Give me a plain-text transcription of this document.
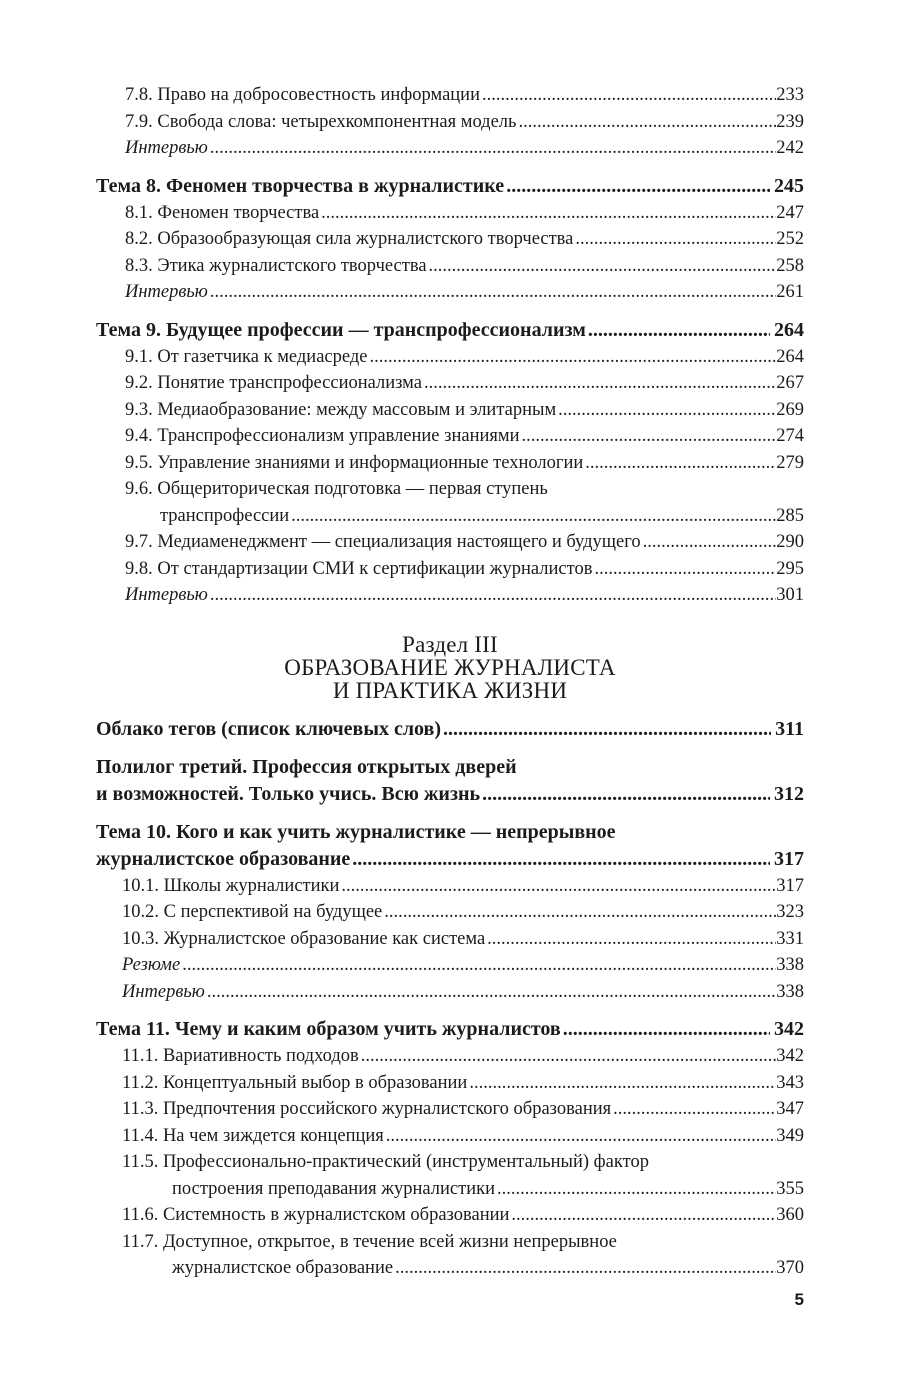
7.8. Право на добросовестность информации .....	233
7.9. Свобода слова: четырехкомпонентная модель .....	239
Интервью .....	242
Тема 8. Феномен творчества в журналистике .....	245
8.1. Феномен творчества .....	247
8.2. Образообразующая сила журналистского творчества .....	252
8.3. Этика журналистского творчества .....	258
Интервью .....	261
Тема 9. Будущее профессии — транспрофессионализм .....	264
9.1. От газетчика к медиасреде .....	264
9.2. Понятие транспрофессионализма .....	267
9.3. Медиаобразование: между массовым и элитарным .....	269
9.4. Транспрофессионализм управление знаниями .....	274
9.5. Управление знаниями и информационные технологии .....	279
9.6. Общериторическая подготовка — первая ступень
транспрофессии .....	285
9.7. Медиаменеджмент — специализация настоящего и будущего .....	290
9.8. От стандартизации СМИ к сертификации журналистов .....	295
Интервью .....	301
Раздел III
ОБРАЗОВАНИЕ ЖУРНАЛИСТА
И ПРАКТИКА ЖИЗНИ
Облако тегов (список ключевых слов) .....	311
Полилог третий. Профессия открытых дверей
и возможностей. Только учись. Всю жизнь .....	312
Тема 10. Кого и как учить журналистике — непрерывное
журналистское образование .....	317
10.1. Школы журналистики .....	317
10.2. С перспективой на будущее .....	323
10.3. Журналистское образование как система .....	331
Резюме .....	338
Интервью .....	338
Тема 11. Чему и каким образом учить журналистов .....	342
11.1. Вариативность подходов .....	342
11.2. Концептуальный выбор в образовании .....	343
11.3. Предпочтения российского журналистского образования .....	347
11.4. На чем зиждется концепция .....	349
11.5. Профессионально-практический (инструментальный) фактор
построения преподавания журналистики .....	355
11.6. Системность в журналистском образовании .....	360
11.7. Доступное, открытое, в течение всей жизни непрерывное
журналистское образование .....	370
5
